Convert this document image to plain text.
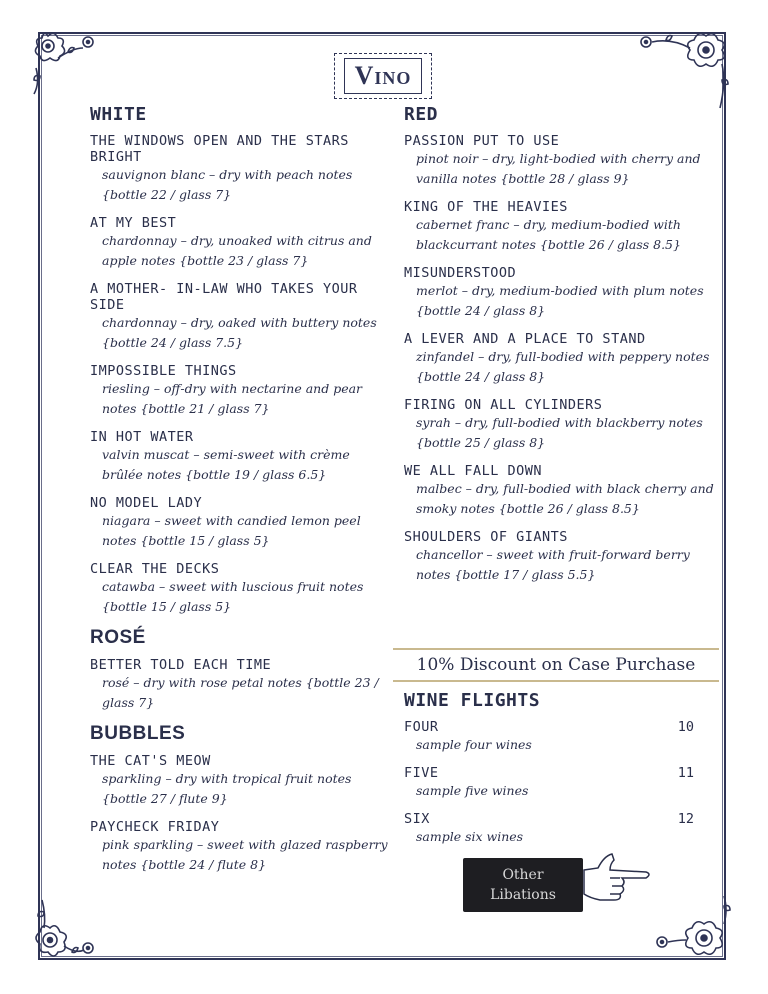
Vino
WHITE
THE WINDOWS OPEN AND THE STARS BRIGHT
sauvignon blanc – dry with peach notes {bottle 22 / glass 7}
AT MY BEST
chardonnay – dry, unoaked with citrus and apple notes {bottle 23 / glass 7}
A MOTHER- IN-LAW WHO TAKES YOUR SIDE
chardonnay – dry, oaked with buttery notes {bottle 24 / glass 7.5}
IMPOSSIBLE THINGS
riesling – off-dry with nectarine and pear notes {bottle 21 / glass 7}
IN HOT WATER
valvin muscat – semi-sweet with crème brûlée notes {bottle 19 / glass 6.5}
NO MODEL LADY
niagara – sweet with candied lemon peel notes {bottle 15 / glass 5}
CLEAR THE DECKS
catawba – sweet with luscious fruit notes {bottle 15 / glass 5}
ROSÉ
BETTER TOLD EACH TIME
rosé – dry with rose petal notes {bottle 23 / glass 7}
BUBBLES
THE CAT'S MEOW
sparkling – dry with tropical fruit notes {bottle 27 / flute 9}
PAYCHECK FRIDAY
pink sparkling – sweet with glazed raspberry notes {bottle 24 / flute 8}
RED
PASSION PUT TO USE
pinot noir – dry, light-bodied with cherry and vanilla notes {bottle 28 / glass 9}
KING OF THE HEAVIES
cabernet franc – dry, medium-bodied with blackcurrant notes {bottle 26 / glass 8.5}
MISUNDERSTOOD
merlot – dry, medium-bodied with plum notes {bottle 24 / glass 8}
A LEVER AND A PLACE TO STAND
zinfandel – dry, full-bodied with peppery notes {bottle 24 / glass 8}
FIRING ON ALL CYLINDERS
syrah – dry, full-bodied with blackberry notes {bottle 25 / glass 8}
WE ALL FALL DOWN
malbec – dry, full-bodied with black cherry and smoky notes {bottle 26 / glass 8.5}
SHOULDERS OF GIANTS
chancellor – sweet with fruit-forward berry notes {bottle 17 / glass 5.5}
10% Discount on Case Purchase
WINE FLIGHTS
FOUR	10
sample four wines
FIVE	11
sample five wines
SIX	12
sample six wines
Other
Libations
